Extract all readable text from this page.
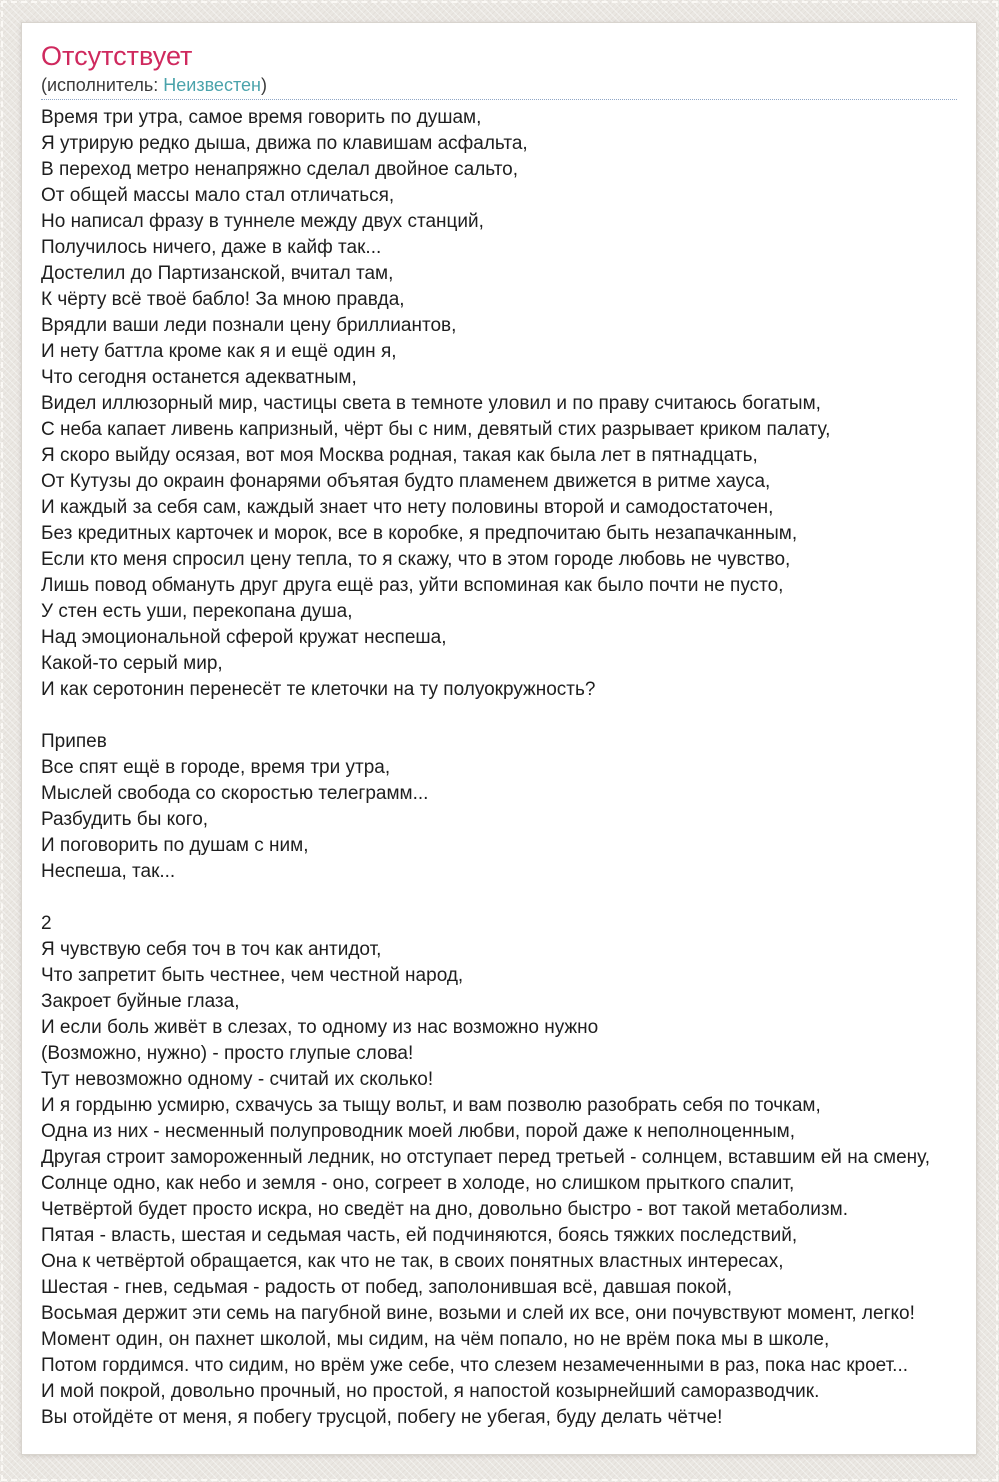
Отсутствует
(исполнитель: Неизвестен)
Время три утра, самое время говорить по душам,
Я утрирую редко дыша, движа по клавишам асфальта,
В переход метро ненапряжно сделал двойное сальто,
От общей массы мало стал отличаться,
Но написал фразу в туннеле между двух станций,
Получилось ничего, даже в кайф так...
Достелил до Партизанской, вчитал там,
К чёрту всё твоё бабло! За мною правда,
Врядли ваши леди познали цену бриллиантов,
И нету баттла кроме как я и ещё один я,
Что сегодня останется адекватным,
Видел иллюзорный мир, частицы света в темноте уловил и по праву считаюсь богатым,
С неба капает ливень капризный, чёрт бы с ним, девятый стих разрывает криком палату,
Я скоро выйду осязая, вот моя Москва родная, такая как была лет в пятнадцать,
От Кутузы до окраин фонарями объятая будто пламенем движется в ритме хауса,
И каждый за себя сам, каждый знает что нету половины второй и самодостаточен,
Без кредитных карточек и морок, все в коробке, я предпочитаю быть незапачканным,
Если кто меня спросил цену тепла, то я скажу, что в этом городе любовь не чувство,
Лишь повод обмануть друг друга ещё раз, уйти вспоминая как было почти не пусто,
У стен есть уши, перекопана душа,
Над эмоциональной сферой кружат неспеша,
Какой-то серый мир,
И как серотонин перенесёт те клеточки на ту полуокружность?
Припев
Все спят ещё в городе, время три утра,
Мыслей свобода со скоростью телеграмм...
Разбудить бы кого,
И поговорить по душам с ним,
Неспеша, так...
2
Я чувствую себя точ в точ как антидот,
Что запретит быть честнее, чем честной народ,
Закроет буйные глаза,
И если боль живёт в слезах, то одному из нас возможно нужно
(Возможно, нужно) - просто глупые слова!
Тут невозможно одному - считай их сколько!
И я гордыню усмирю, схвачусь за тыщу вольт, и вам позволю разобрать себя по точкам,
Одна из них - несменный полупроводник моей любви, порой даже к неполноценным,
Другая строит замороженный ледник, но отступает перед третьей - солнцем, вставшим ей на смену,
Солнце одно, как небо и земля - оно, согреет в холоде, но слишком прыткого спалит,
Четвёртой будет просто искра, но сведёт на дно, довольно быстро - вот такой метаболизм.
Пятая - власть, шестая и седьмая часть, ей подчиняются, боясь тяжких последствий,
Она к четвёртой обращается, как что не так, в своих понятных властных интересах,
Шестая - гнев, седьмая - радость от побед, заполонившая всё, давшая покой,
Восьмая держит эти семь на пагубной вине, возьми и слей их все, они почувствуют момент, легко!
Момент один, он пахнет школой, мы сидим, на чём попало, но не врём пока мы в школе,
Потом гордимся. что сидим, но врём уже себе, что слезем незамеченными в раз, пока нас кроет...
И мой покрой, довольно прочный, но простой, я напостой козырнейший саморазводчик.
Вы отойдёте от меня, я побегу трусцой, побегу не убегая, буду делать чётче!
